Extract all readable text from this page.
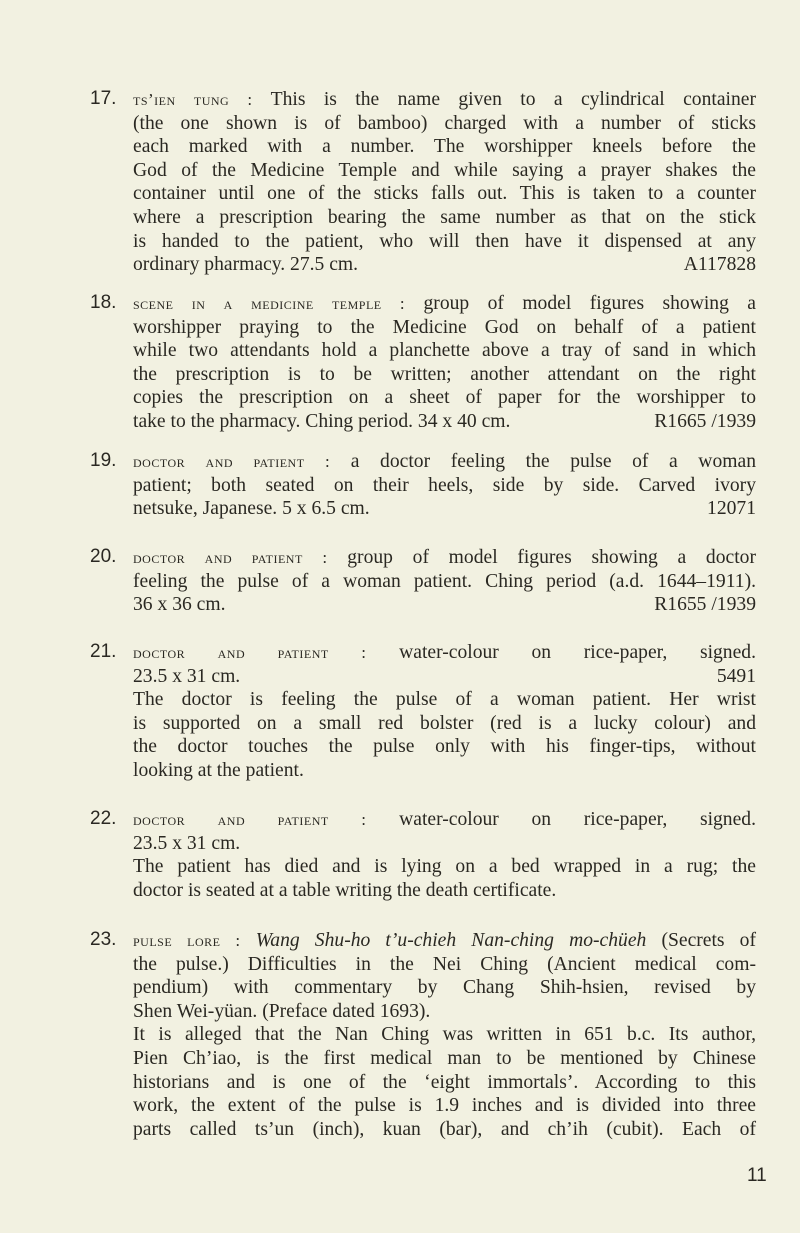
17. ts’ien tung : This is the name given to a cylindrical container
(the one shown is of bamboo) charged with a number of sticks
each marked with a number. The worshipper kneels before the
God of the Medicine Temple and while saying a prayer shakes the
container until one of the sticks falls out. This is taken to a counter
where a prescription bearing the same number as that on the stick
is handed to the patient, who will then have it dispensed at any
ordinary pharmacy. 27.5 cm.	A117828
18. scene in a medicine temple : group of model figures showing a
worshipper praying to the Medicine God on behalf of a patient
while two attendants hold a planchette above a tray of sand in which
the prescription is to be written; another attendant on the right
copies the prescription on a sheet of paper for the worshipper to
take to the pharmacy. Ching period. 34 x 40 cm.	R1665 /1939
19. doctor and patient : a doctor feeling the pulse of a woman
patient; both seated on their heels, side by side. Carved ivory
netsuke, Japanese. 5 x 6.5 cm.	12071
20. doctor and patient : group of model figures showing a doctor
feeling the pulse of a woman patient. Ching period (a.d. 1644–1911).
36 x 36 cm.	R1655 /1939
21. doctor and patient : water-colour on rice-paper, signed.
23.5 x 31 cm.	5491
The doctor is feeling the pulse of a woman patient. Her wrist
is supported on a small red bolster (red is a lucky colour) and
the doctor touches the pulse only with his finger-tips, without
looking at the patient.
22. doctor and patient : water-colour on rice-paper, signed.
23.5 x 31 cm.
The patient has died and is lying on a bed wrapped in a rug; the
doctor is seated at a table writing the death certificate.
23. pulse lore : Wang Shu-ho t’u-chieh Nan-ching mo-chüeh (Secrets of
the pulse.) Difficulties in the Nei Ching (Ancient medical com-
pendium) with commentary by Chang Shih-hsien, revised by
Shen Wei-yüan. (Preface dated 1693).
It is alleged that the Nan Ching was written in 651 b.c. Its author,
Pien Ch’iao, is the first medical man to be mentioned by Chinese
historians and is one of the ‘eight immortals’. According to this
work, the extent of the pulse is 1.9 inches and is divided into three
parts called ts’un (inch), kuan (bar), and ch’ih (cubit). Each of
11
